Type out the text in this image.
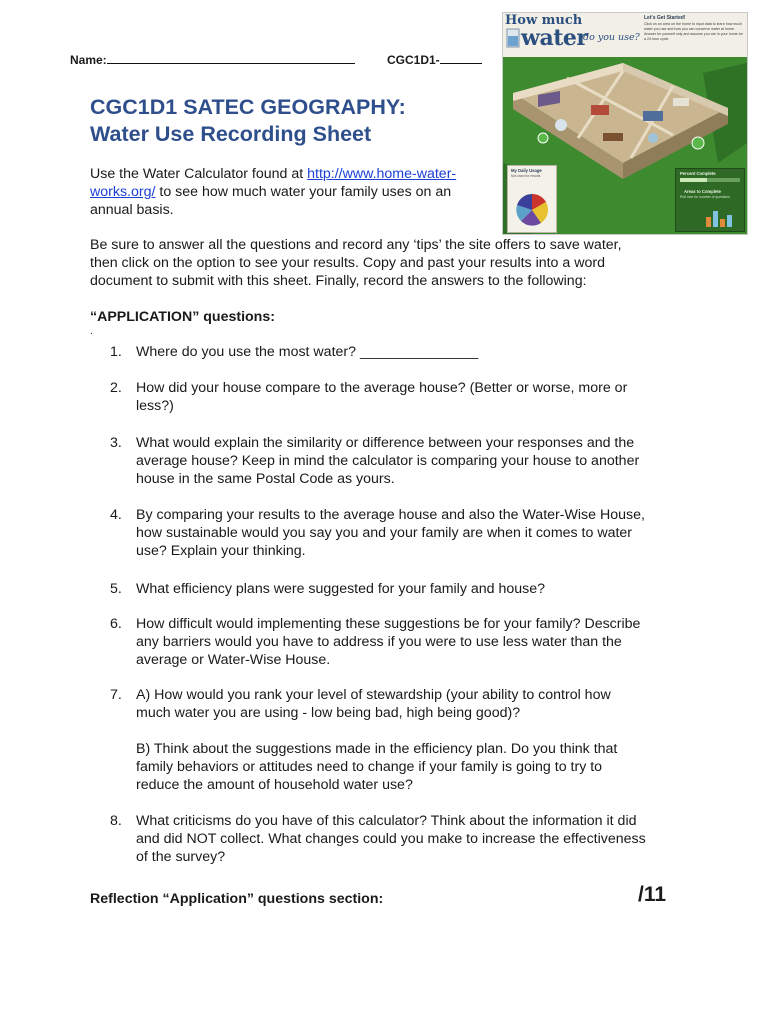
Name:	CGC1D1-
CGC1D1 SATEC GEOGRAPHY:
Water Use Recording Sheet
Use the Water Calculator found at http://www.home-water-
works.org/ to see how much water your family uses on an
annual basis.
Be sure to answer all the questions and record any ‘tips’ the site offers to save water,
then click on the option to see your results. Copy and past your results into a word
document to submit with this sheet. Finally, record the answers to the following:
“APPLICATION” questions:
.
1. Where do you use the most water? _______________
2. How did your house compare to the average house? (Better or worse, more or
less?)
3. What would explain the similarity or difference between your responses and the
average house? Keep in mind the calculator is comparing your house to another
house in the same Postal Code as yours.
4. By comparing your results to the average house and also the Water-Wise House,
how sustainable would you say you and your family are when it comes to water
use? Explain your thinking.
5. What efficiency plans were suggested for your family and house?
6. How difficult would implementing these suggestions be for your family? Describe
any barriers would you have to address if you were to use less water than the
average or Water-Wise House.
7. A) How would you rank your level of stewardship (your ability to control how
much water you are using - low being bad, high being good)?
B) Think about the suggestions made in the efficiency plan. Do you think that
family behaviors or attitudes need to change if your family is going to try to
reduce the amount of household water use?
8. What criticisms do you have of this calculator? Think about the information it did
and did NOT collect. What changes could you make to increase the effectiveness
of the survey?
Reflection “Application” questions section:	/11
How much
water
do you use?
Let's Get Started!
Click on an area on the home to input data to learn how much water you use and how you can conserve water at home. Answer for yourself only and assume you are in your home for a 24 hour cycle.
My Daily Usage
Not used for results	Percent Complete
Areas to Complete
Roll over for number of questions
